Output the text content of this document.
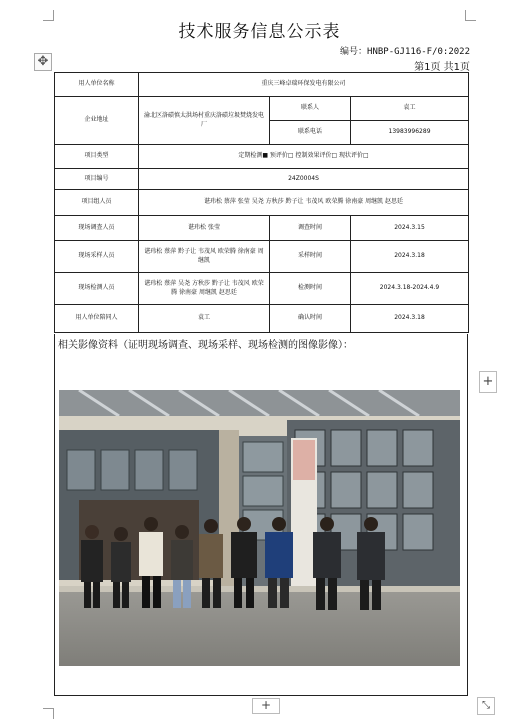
技术服务信息公示表
编号：HNBP-GJ116-F/0:2022
第1页 共1页
✥
用人单位名称	重庆三峰卓瑞环保发电有限公司		
企业地址	渝北区洛碛慎太洪场村重庆洛碛垃圾焚烧发电厂	联系人	袁工
		联系电话	13983996289
项目类型	定期检测■ 预评价□ 控制效果评价□ 现状评价□		
项目编号	24Z0004S		
项目组人员	谌玮松 蔡萍 张莹 吴尧 方秋莎 黔子让 韦茂风 欧荣腾 徐南豪 周继凯 赵思廷		
现场调查人员	谌玮松 张莹	调查时间	2024.3.15
现场采样人员	谌玮松 蔡萍 黔子让 韦茂风 欧荣腾 徐南豪 周继凯	采样时间	2024.3.18
现场检测人员	谌玮松 蔡萍 吴尧 方秋莎 黔子让 韦茂风 欧荣腾 徐南豪 周继凯 赵思廷	检测时间	2024.3.18-2024.4.9
用人单位陪同人	袁工	确认时间	2024.3.18
相关影像资料（证明现场调查、现场采样、现场检测的图像影像）：
+
+	⤡
